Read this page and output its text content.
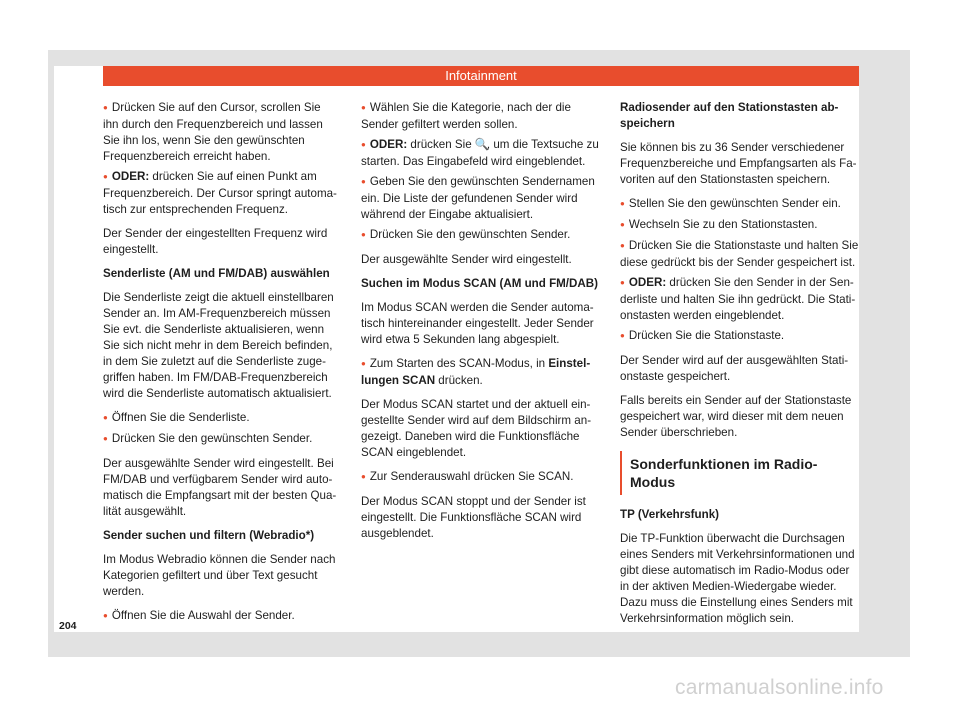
Infotainment

● Drücken Sie auf den Cursor, scrollen Sie ihn durch den Frequenzbereich und lassen Sie ihn los, wenn Sie den gewünschten Frequenzbereich erreicht haben.

● ODER: drücken Sie auf einen Punkt am Frequenzbereich. Der Cursor springt automatisch zur entsprechenden Frequenz.

Der Sender der eingestellten Frequenz wird eingestellt.

Senderliste (AM und FM/DAB) auswählen

Die Senderliste zeigt die aktuell einstellbaren Sender an. Im AM-Frequenzbereich müssen Sie evt. die Senderliste aktualisieren, wenn Sie sich nicht mehr in dem Bereich befinden, in dem Sie zuletzt auf die Senderliste zugegriffen haben. Im FM/DAB-Frequenzbereich wird die Senderliste automatisch aktualisiert.

● Öffnen Sie die Senderliste.

● Drücken Sie den gewünschten Sender.

Der ausgewählte Sender wird eingestellt. Bei FM/DAB und verfügbarem Sender wird automatisch die Empfangsart mit der besten Qualität ausgewählt.

Sender suchen und filtern (Webradio*)

Im Modus Webradio können die Sender nach Kategorien gefiltert und über Text gesucht werden.

● Öffnen Sie die Auswahl der Sender.

● Wählen Sie die Kategorie, nach der die Sender gefiltert werden sollen.

● ODER: drücken Sie 🔍, um die Textsuche zu starten. Das Eingabefeld wird eingeblendet.

● Geben Sie den gewünschten Sendernamen ein. Die Liste der gefundenen Sender wird während der Eingabe aktualisiert.

● Drücken Sie den gewünschten Sender.

Der ausgewählte Sender wird eingestellt.

Suchen im Modus SCAN (AM und FM/DAB)

Im Modus SCAN werden die Sender automatisch hintereinander eingestellt. Jeder Sender wird etwa 5 Sekunden lang abgespielt.

● Zum Starten des SCAN-Modus, in Einstellungen SCAN drücken.

Der Modus SCAN startet und der aktuell eingestellte Sender wird auf dem Bildschirm angezeigt. Daneben wird die Funktionsfläche SCAN eingeblendet.

● Zur Senderauswahl drücken Sie SCAN.

Der Modus SCAN stoppt und der Sender ist eingestellt. Die Funktionsfläche SCAN wird ausgeblendet.

Radiosender auf den Stationstasten abspeichern

Sie können bis zu 36 Sender verschiedener Frequenzbereiche und Empfangsarten als Favoriten auf den Stationstasten speichern.

● Stellen Sie den gewünschten Sender ein.

● Wechseln Sie zu den Stationstasten.

● Drücken Sie die Stationstaste und halten Sie diese gedrückt bis der Sender gespeichert ist.

● ODER: drücken Sie den Sender in der Senderliste und halten Sie ihn gedrückt. Die Stationstasten werden eingeblendet.

● Drücken Sie die Stationstaste.

Der Sender wird auf der ausgewählten Stationstaste gespeichert.

Falls bereits ein Sender auf der Stationstaste gespeichert war, wird dieser mit dem neuen Sender überschrieben.

Sonderfunktionen im Radio-Modus

TP (Verkehrsfunk)

Die TP-Funktion überwacht die Durchsagen eines Senders mit Verkehrsinformationen und gibt diese automatisch im Radio-Modus oder in der aktiven Medien-Wiedergabe wieder. Dazu muss die Einstellung eines Senders mit Verkehrsinformation möglich sein.

204
carmanualsonline.info
